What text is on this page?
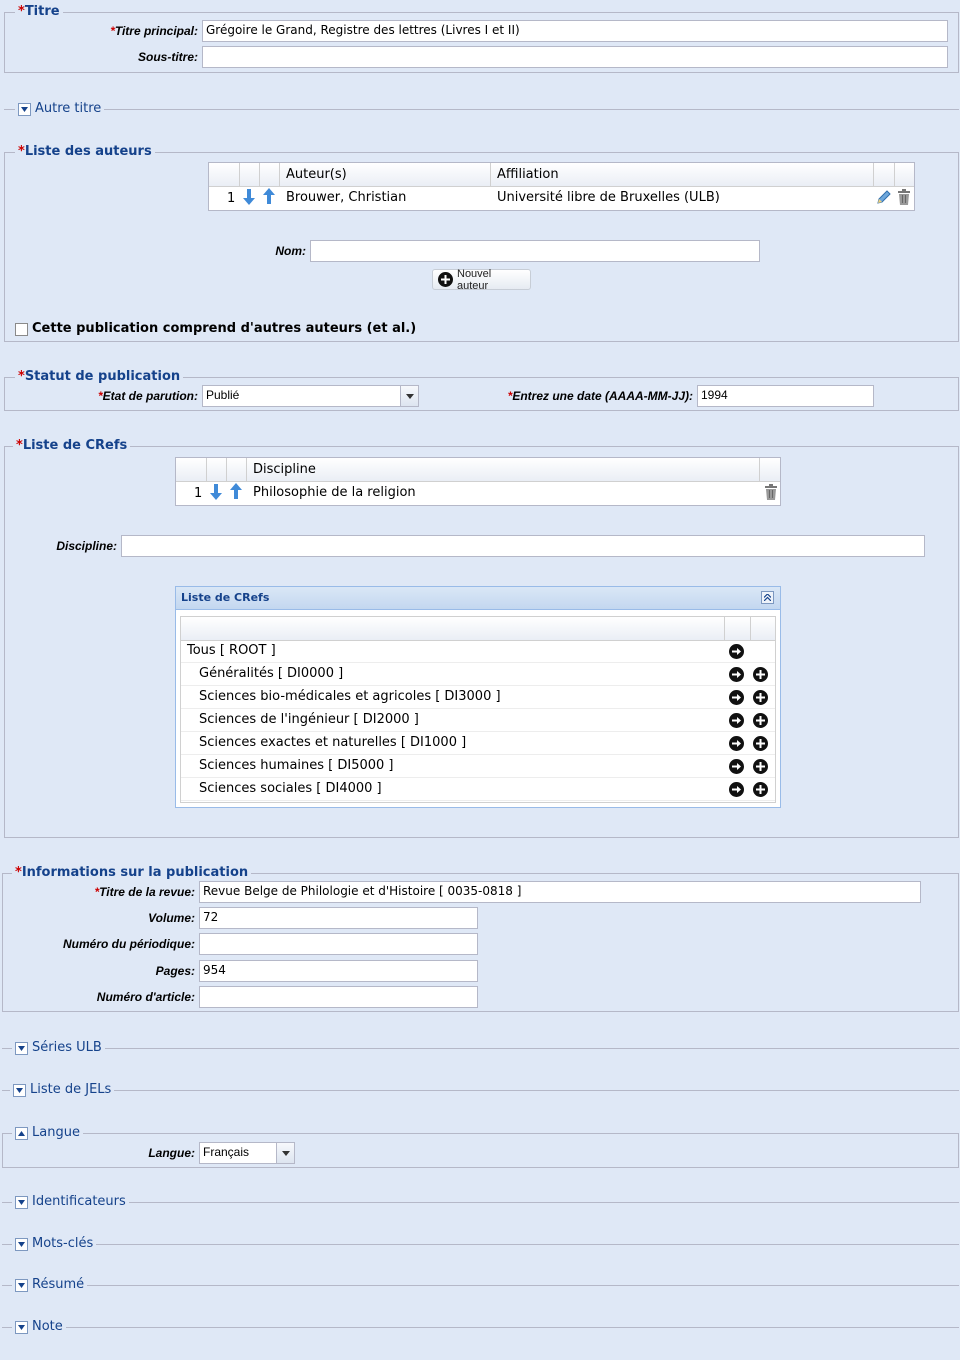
*Titre
*Titre principal: Grégoire le Grand, Registre des lettres (Livres I et II)
Sous-titre:
Autre titre
*Liste des auteurs
Auteur(s)	Affiliation
1	Brouwer, Christian	Université libre de Bruxelles (ULB)
Nom:
Nouvel auteur
Cette publication comprend d'autres auteurs (et al.)
*Statut de publication
*Etat de parution: Publié	*Entrez une date (AAAA-MM-JJ): 1994
*Liste de CRefs
Discipline
1	Philosophie de la religion
Discipline:
Liste de CRefs
Tous [ ROOT ]
Généralités [ DI0000 ]
Sciences bio-médicales et agricoles [ DI3000 ]
Sciences de l'ingénieur [ DI2000 ]
Sciences exactes et naturelles [ DI1000 ]
Sciences humaines [ DI5000 ]
Sciences sociales [ DI4000 ]
*Informations sur la publication
*Titre de la revue: Revue Belge de Philologie et d'Histoire [ 0035-0818 ]
Volume: 72
Numéro du périodique:
Pages: 954
Numéro d'article:
Séries ULB
Liste de JELs
Langue
Langue: Français
Identificateurs
Mots-clés
Résumé
Note
